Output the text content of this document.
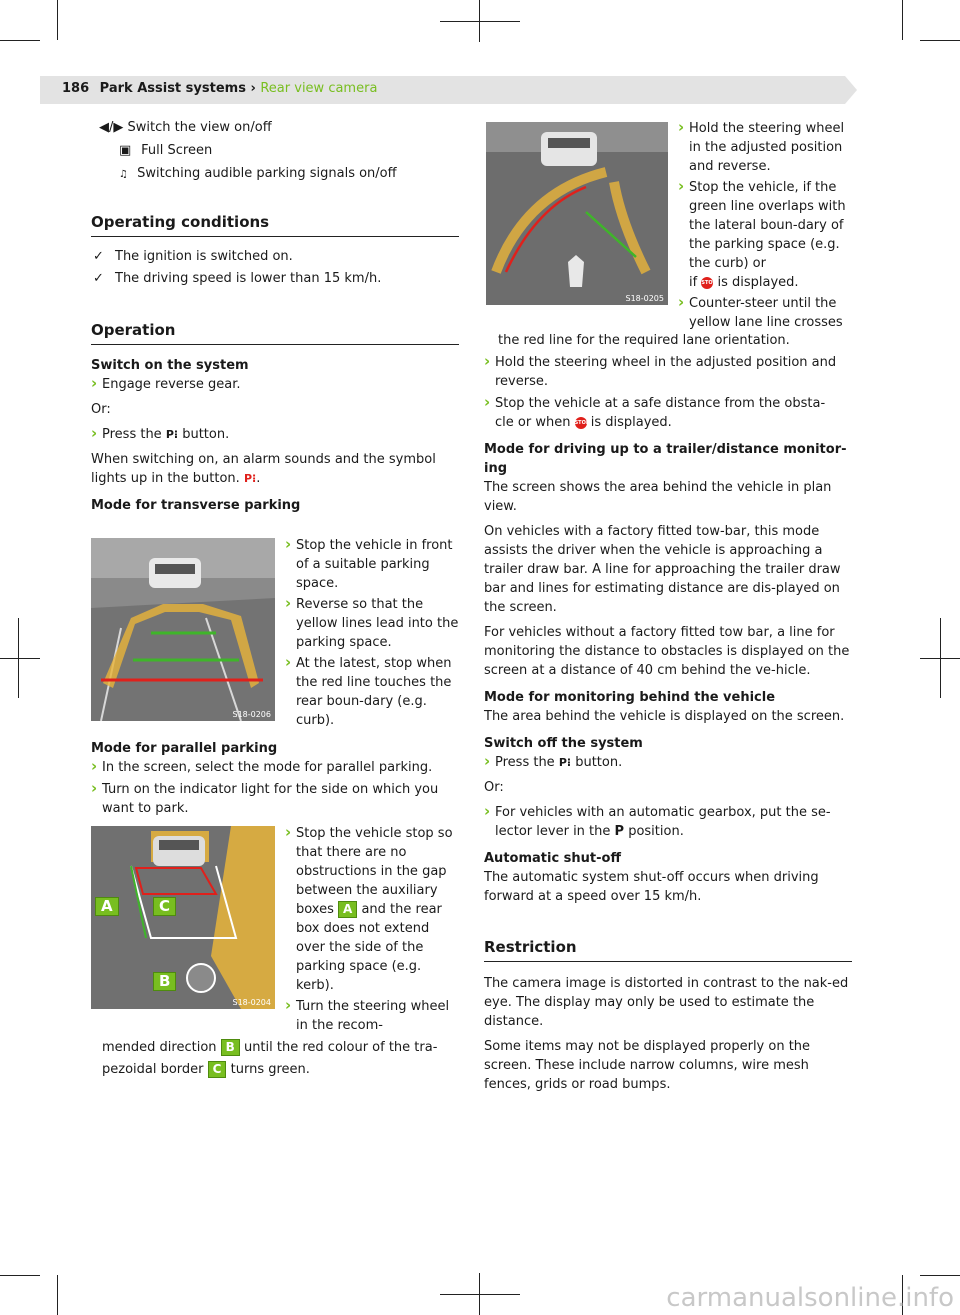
186 Park Assist systems › Rear view camera
◀/▶ Switch the view on/off
▣ Full Screen
♫ Switching audible parking signals on/off
Operating conditions
✓ The ignition is switched on.
✓ The driving speed is lower than 15 km/h.
Operation
Switch on the system
› Engage reverse gear.
Or:
› Press the P⁝ button.
When switching on, an alarm sounds and the symbol lights up in the button. P⁝.
Mode for transverse parking
S18-0206
› Stop the vehicle in front of a suitable parking space.
› Reverse so that the yellow lines lead into the parking space.
› At the latest, stop when the red line touches the rear boun-dary (e.g. curb).
Mode for parallel parking
› In the screen, select the mode for parallel parking.
› Turn on the indicator light for the side on which you want to park.
A	C
B
S18-0204
› Stop the vehicle stop so that there are no obstructions in the gap between the auxiliary boxes A and the rear box does not extend over the side of the parking space (e.g. kerb).
› Turn the steering wheel in the recom-
mended direction B until the red colour of the tra-
pezoidal border C turns green.
S18-0205
› Hold the steering wheel in the adjusted position and reverse.
› Stop the vehicle, if the green line overlaps with the lateral boun-dary of the parking space (e.g. the curb) or
if STOP is displayed.
› Counter-steer until the yellow lane line crosses
the red line for the required lane orientation.
› Hold the steering wheel in the adjusted position and reverse.
› Stop the vehicle at a safe distance from the obsta-
cle or when STOP is displayed.
Mode for driving up to a trailer/distance monitor-ing
The screen shows the area behind the vehicle in plan view.
On vehicles with a factory fitted tow-bar, this mode assists the driver when the vehicle is approaching a trailer draw bar. A line for approaching the trailer draw bar and lines for estimating distance are dis-played on the screen.
For vehicles without a factory fitted tow bar, a line for monitoring the distance to obstacles is displayed on the screen at a distance of 40 cm behind the ve-hicle.
Mode for monitoring behind the vehicle
The area behind the vehicle is displayed on the screen.
Switch off the system
› Press the P⁝ button.
Or:
› For vehicles with an automatic gearbox, put the se-lector lever in the P position.
Automatic shut-off
The automatic system shut-off occurs when driving forward at a speed over 15 km/h.
Restriction
The camera image is distorted in contrast to the nak-ed eye. The display may only be used to estimate the distance.
Some items may not be displayed properly on the screen. These include narrow columns, wire mesh fences, grids or road bumps.
carmanualsonline.info
